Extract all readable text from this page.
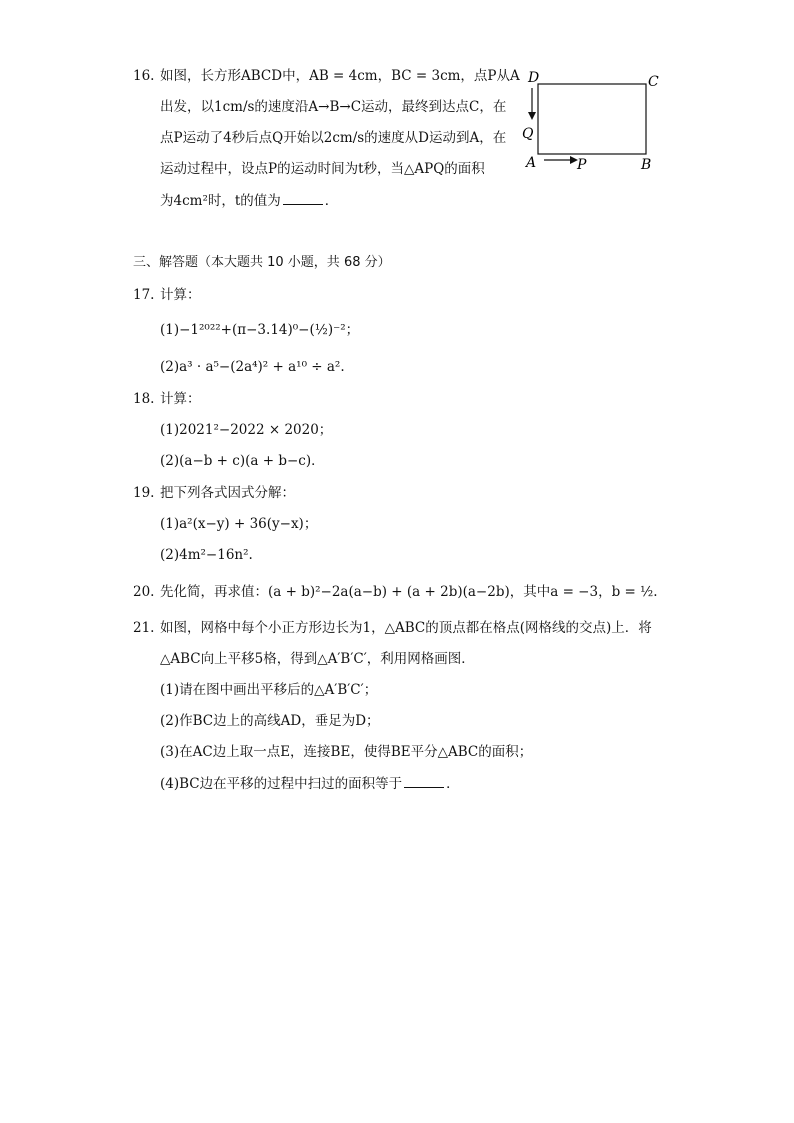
16. 如图，长方形ABCD中，AB = 4cm，BC = 3cm，点P从A
出发，以1cm/s的速度沿A→B→C运动，最终到达点C，在
点P运动了4秒后点Q开始以2cm/s的速度从D运动到A，在
运动过程中，设点P的运动时间为t秒，当△APQ的面积
为4cm²时，t的值为	．
D	C
Q
A	P	B
三、解答题（本大题共 10 小题，共 68 分）
17. 计算：
(1)−1²⁰²²+(π−3.14)⁰−(½)⁻²；
(2)a³ · a⁵−(2a⁴)² + a¹⁰ ÷ a².
18. 计算：
(1)2021²−2022 × 2020；
(2)(a−b + c)(a + b−c)．
19. 把下列各式因式分解：
(1)a²(x−y) + 36(y−x)；
(2)4m²−16n².
20. 先化简，再求值：(a + b)²−2a(a−b) + (a + 2b)(a−2b)，其中a = −3，b = ½.
21. 如图，网格中每个小正方形边长为1，△ABC的顶点都在格点(网格线的交点)上．将
△ABC向上平移5格，得到△A′B′C′，利用网格画图．
(1)请在图中画出平移后的△A′B′C′；
(2)作BC边上的高线AD，垂足为D；
(3)在AC边上取一点E，连接BE，使得BE平分△ABC的面积；
(4)BC边在平移的过程中扫过的面积等于	．
